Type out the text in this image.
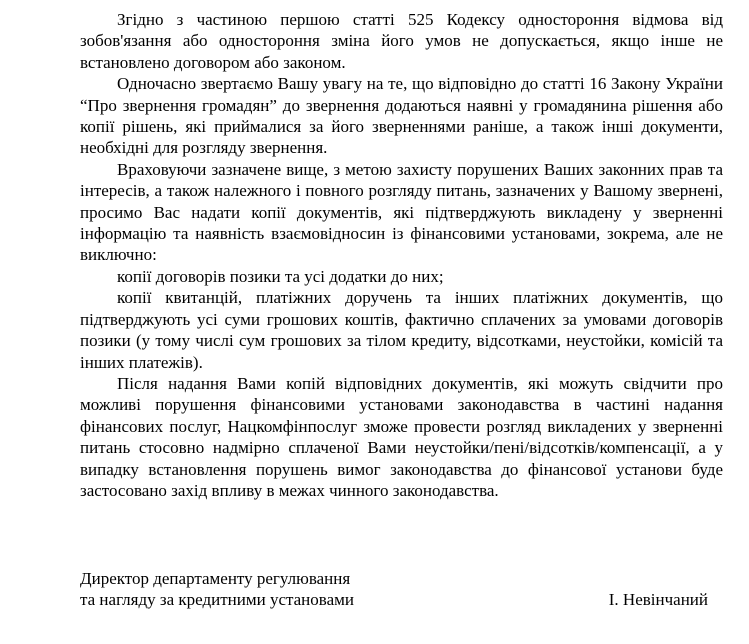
Згідно з частиною першою статті 525 Кодексу одностороння відмова від зобов'язання або одностороння зміна його умов не допускається, якщо інше не встановлено договором або законом.

Одночасно звертаємо Вашу увагу на те, що відповідно до статті 16 Закону України “Про звернення громадян” до звернення додаються наявні у громадянина рішення або копії рішень, які приймалися за його зверненнями раніше, а також інші документи, необхідні для розгляду звернення.

Враховуючи зазначене вище, з метою захисту порушених Ваших законних прав та інтересів, а також належного і повного розгляду питань, зазначених у Вашому звернені, просимо Вас надати копії документів, які підтверджують викладену у зверненні інформацію та наявність взаємовідносин із фінансовими установами, зокрема, але не виключно:

копії договорів позики та усі додатки до них;

копії квитанцій, платіжних доручень та інших платіжних документів, що підтверджують усі суми грошових коштів, фактично сплачених за умовами договорів позики (у тому числі сум грошових за тілом кредиту, відсотками, неустойки, комісій та інших платежів).

Після надання Вами копій відповідних документів, які можуть свідчити про можливі порушення фінансовими установами законодавства в частині надання фінансових послуг, Нацкомфінпослуг зможе провести розгляд викладених у зверненні питань стосовно надмірно сплаченої Вами неустойки/пені/відсотків/компенсації, а у випадку встановлення порушень вимог законодавства до фінансової установи буде застосовано захід впливу в межах чинного законодавства.

Директор департаменту регулювання
та нагляду за кредитними установами	І. Невінчаний
